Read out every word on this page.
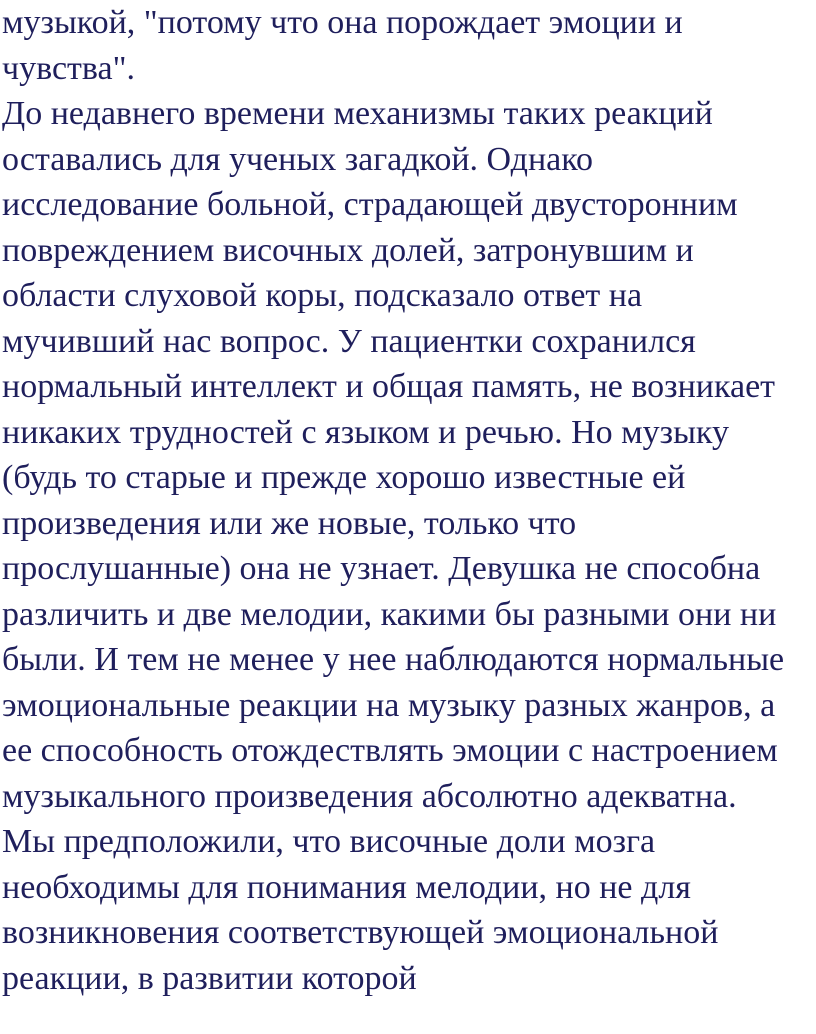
музыкой, "потому что она порождает эмоции и
чувства".
До недавнего времени механизмы таких реакций
оставались для ученых загадкой. Однако
исследование больной, страдающей двусторонним
повреждением височных долей, затронувшим и
области слуховой коры, подсказало ответ на
мучивший нас вопрос. У пациентки сохранился
нормальный интеллект и общая память, не возникает
никаких трудностей с языком и речью. Но музыку
(будь то старые и прежде хорошо известные ей
произведения или же новые, только что
прослушанные) она не узнает. Девушка не способна
различить и две мелодии, какими бы разными они ни
были. И тем не менее у нее наблюдаются нормальные
эмоциональные реакции на музыку разных жанров, а
ее способность отождествлять эмоции с настроением
музыкального произведения абсолютно адекватна.
Мы предположили, что височные доли мозга
необходимы для понимания мелодии, но не для
возникновения соответствующей эмоциональной
реакции, в развитии которой
